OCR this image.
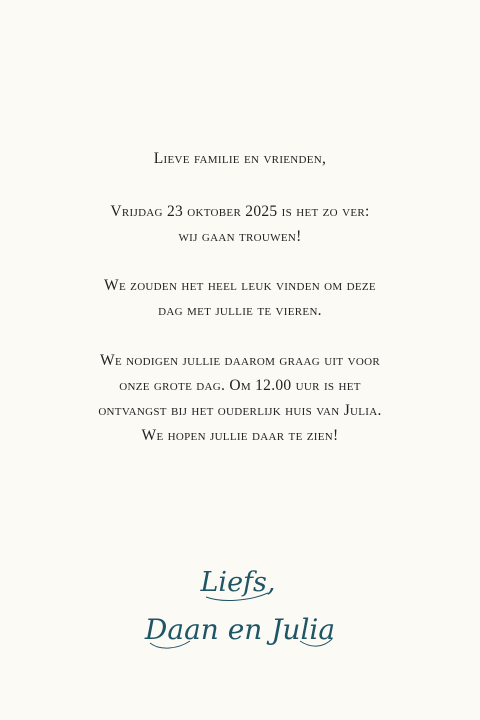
Lieve familie en vrienden,
Vrijdag 23 oktober 2025 is het zo ver:
wij gaan trouwen!
We zouden het heel leuk vinden om deze
dag met jullie te vieren.
We nodigen jullie daarom graag uit voor
onze grote dag. Om 12.00 uur is het
ontvangst bij het ouderlijk huis van Julia.
We hopen jullie daar te zien!
Liefs,
Daan en Julia
